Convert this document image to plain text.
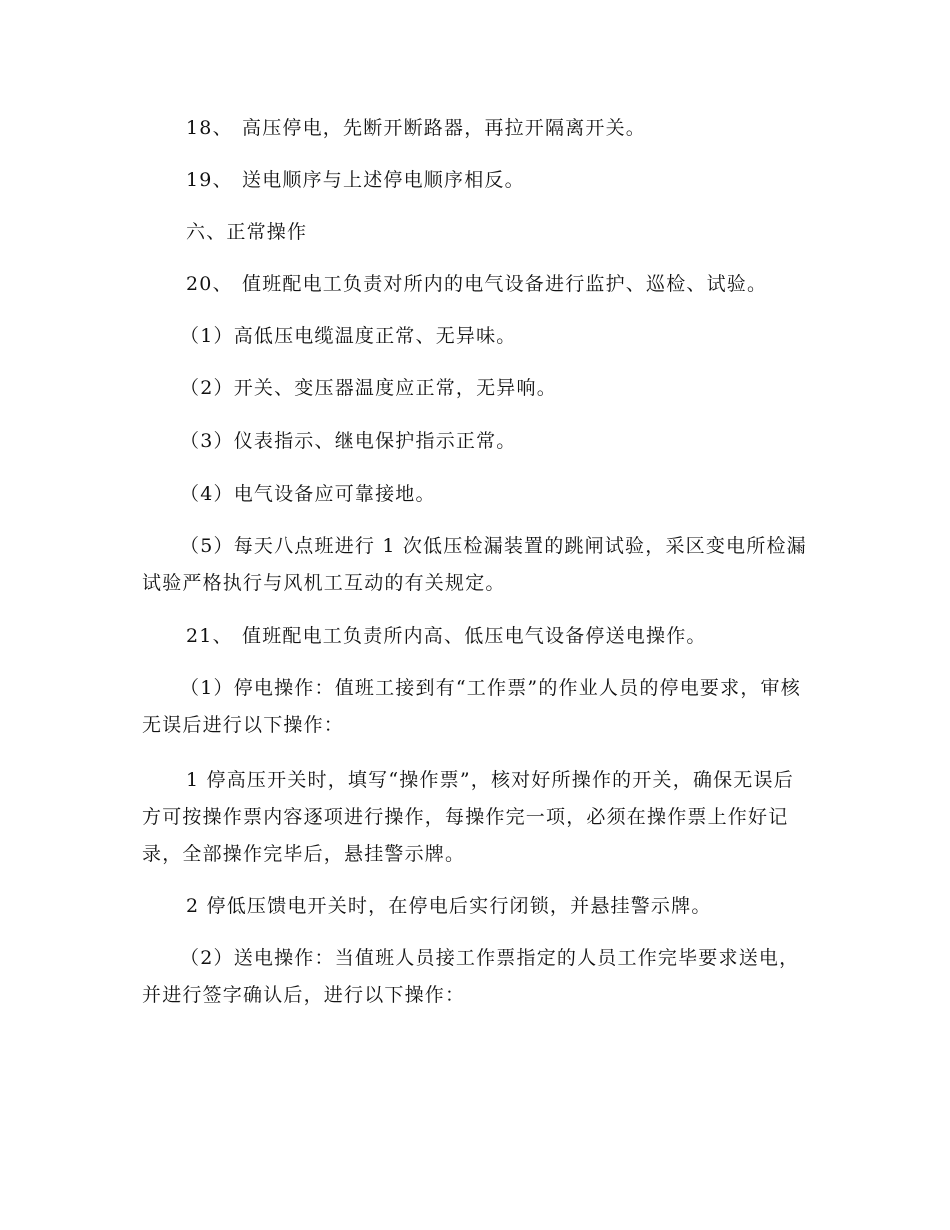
18、 高压停电，先断开断路器，再拉开隔离开关。
19、 送电顺序与上述停电顺序相反。
六、正常操作
20、 值班配电工负责对所内的电气设备进行监护、巡检、试验。
（1）高低压电缆温度正常、无异味。
（2）开关、变压器温度应正常，无异响。
（3）仪表指示、继电保护指示正常。
（4）电气设备应可靠接地。
（5）每天八点班进行 1 次低压检漏装置的跳闸试验，采区变电所检漏试验严格执行与风机工互动的有关规定。
21、 值班配电工负责所内高、低压电气设备停送电操作。
（1）停电操作：值班工接到有“工作票”的作业人员的停电要求，审核无误后进行以下操作：
1 停高压开关时，填写“操作票”，核对好所操作的开关，确保无误后方可按操作票内容逐项进行操作，每操作完一项，必须在操作票上作好记录，全部操作完毕后，悬挂警示牌。
2 停低压馈电开关时，在停电后实行闭锁，并悬挂警示牌。
（2）送电操作：当值班人员接工作票指定的人员工作完毕要求送电，并进行签字确认后，进行以下操作：
